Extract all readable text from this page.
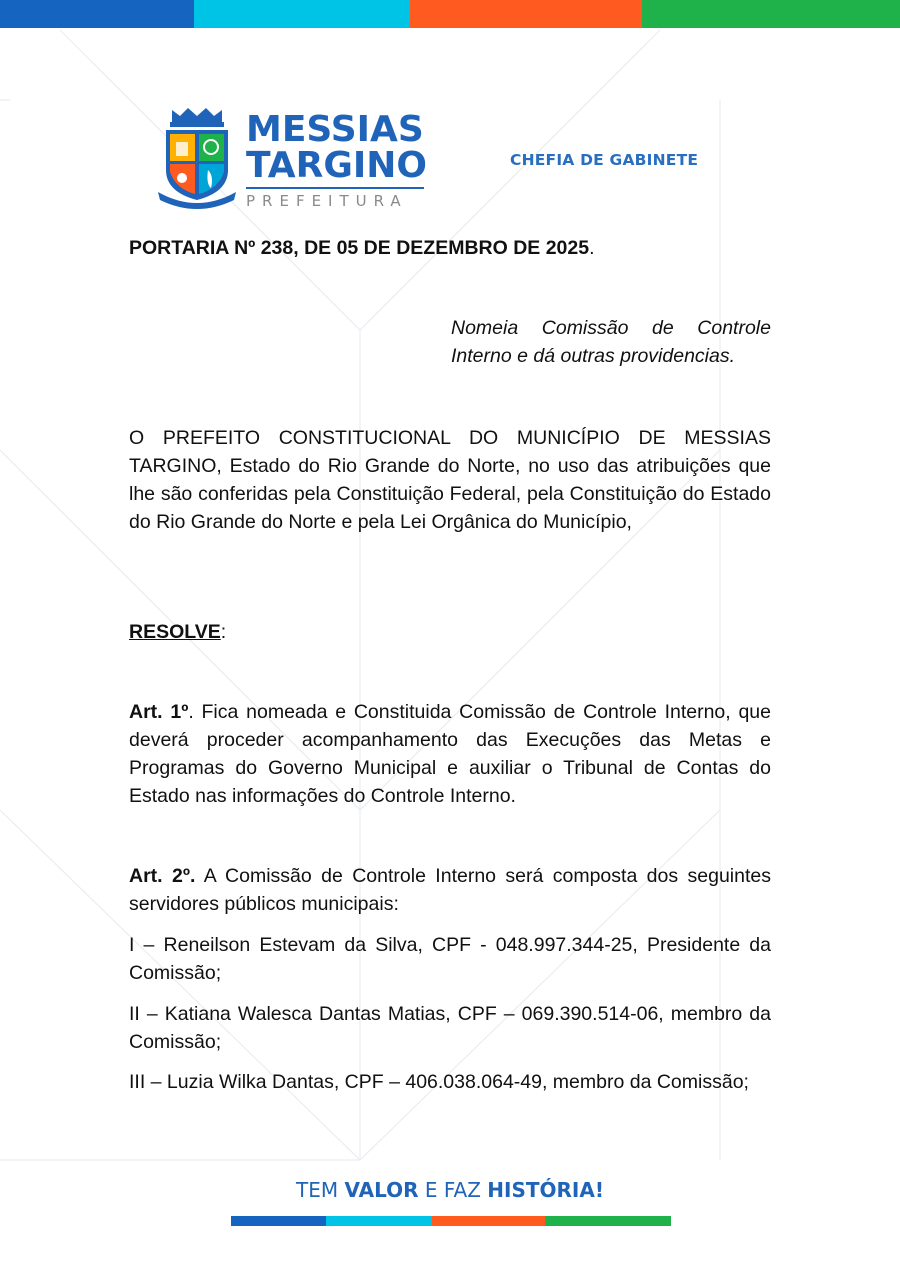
MESSIAS
TARGINO
PREFEITURA
CHEFIA DE GABINETE
PORTARIA Nº 238, DE 05 DE DEZEMBRO DE 2025.
Nomeia Comissão de Controle Interno e dá outras providencias.
O PREFEITO CONSTITUCIONAL DO MUNICÍPIO DE MESSIAS TARGINO, Estado do Rio Grande do Norte, no uso das atribuições que lhe são conferidas pela Constituição Federal, pela Constituição do Estado do Rio Grande do Norte e pela Lei Orgânica do Município,
RESOLVE:
Art. 1º. Fica nomeada e Constituida Comissão de Controle Interno, que deverá proceder acompanhamento das Execuções das Metas e Programas do Governo Municipal e auxiliar o Tribunal de Contas do Estado nas informações do Controle Interno.
Art. 2º. A Comissão de Controle Interno será composta dos seguintes servidores públicos municipais:
I – Reneilson Estevam da Silva, CPF - 048.997.344-25, Presidente da Comissão;
II – Katiana Walesca Dantas Matias, CPF – 069.390.514-06, membro da Comissão;
III – Luzia Wilka Dantas, CPF – 406.038.064-49, membro da Comissão;
TEM VALOR E FAZ HISTÓRIA!
